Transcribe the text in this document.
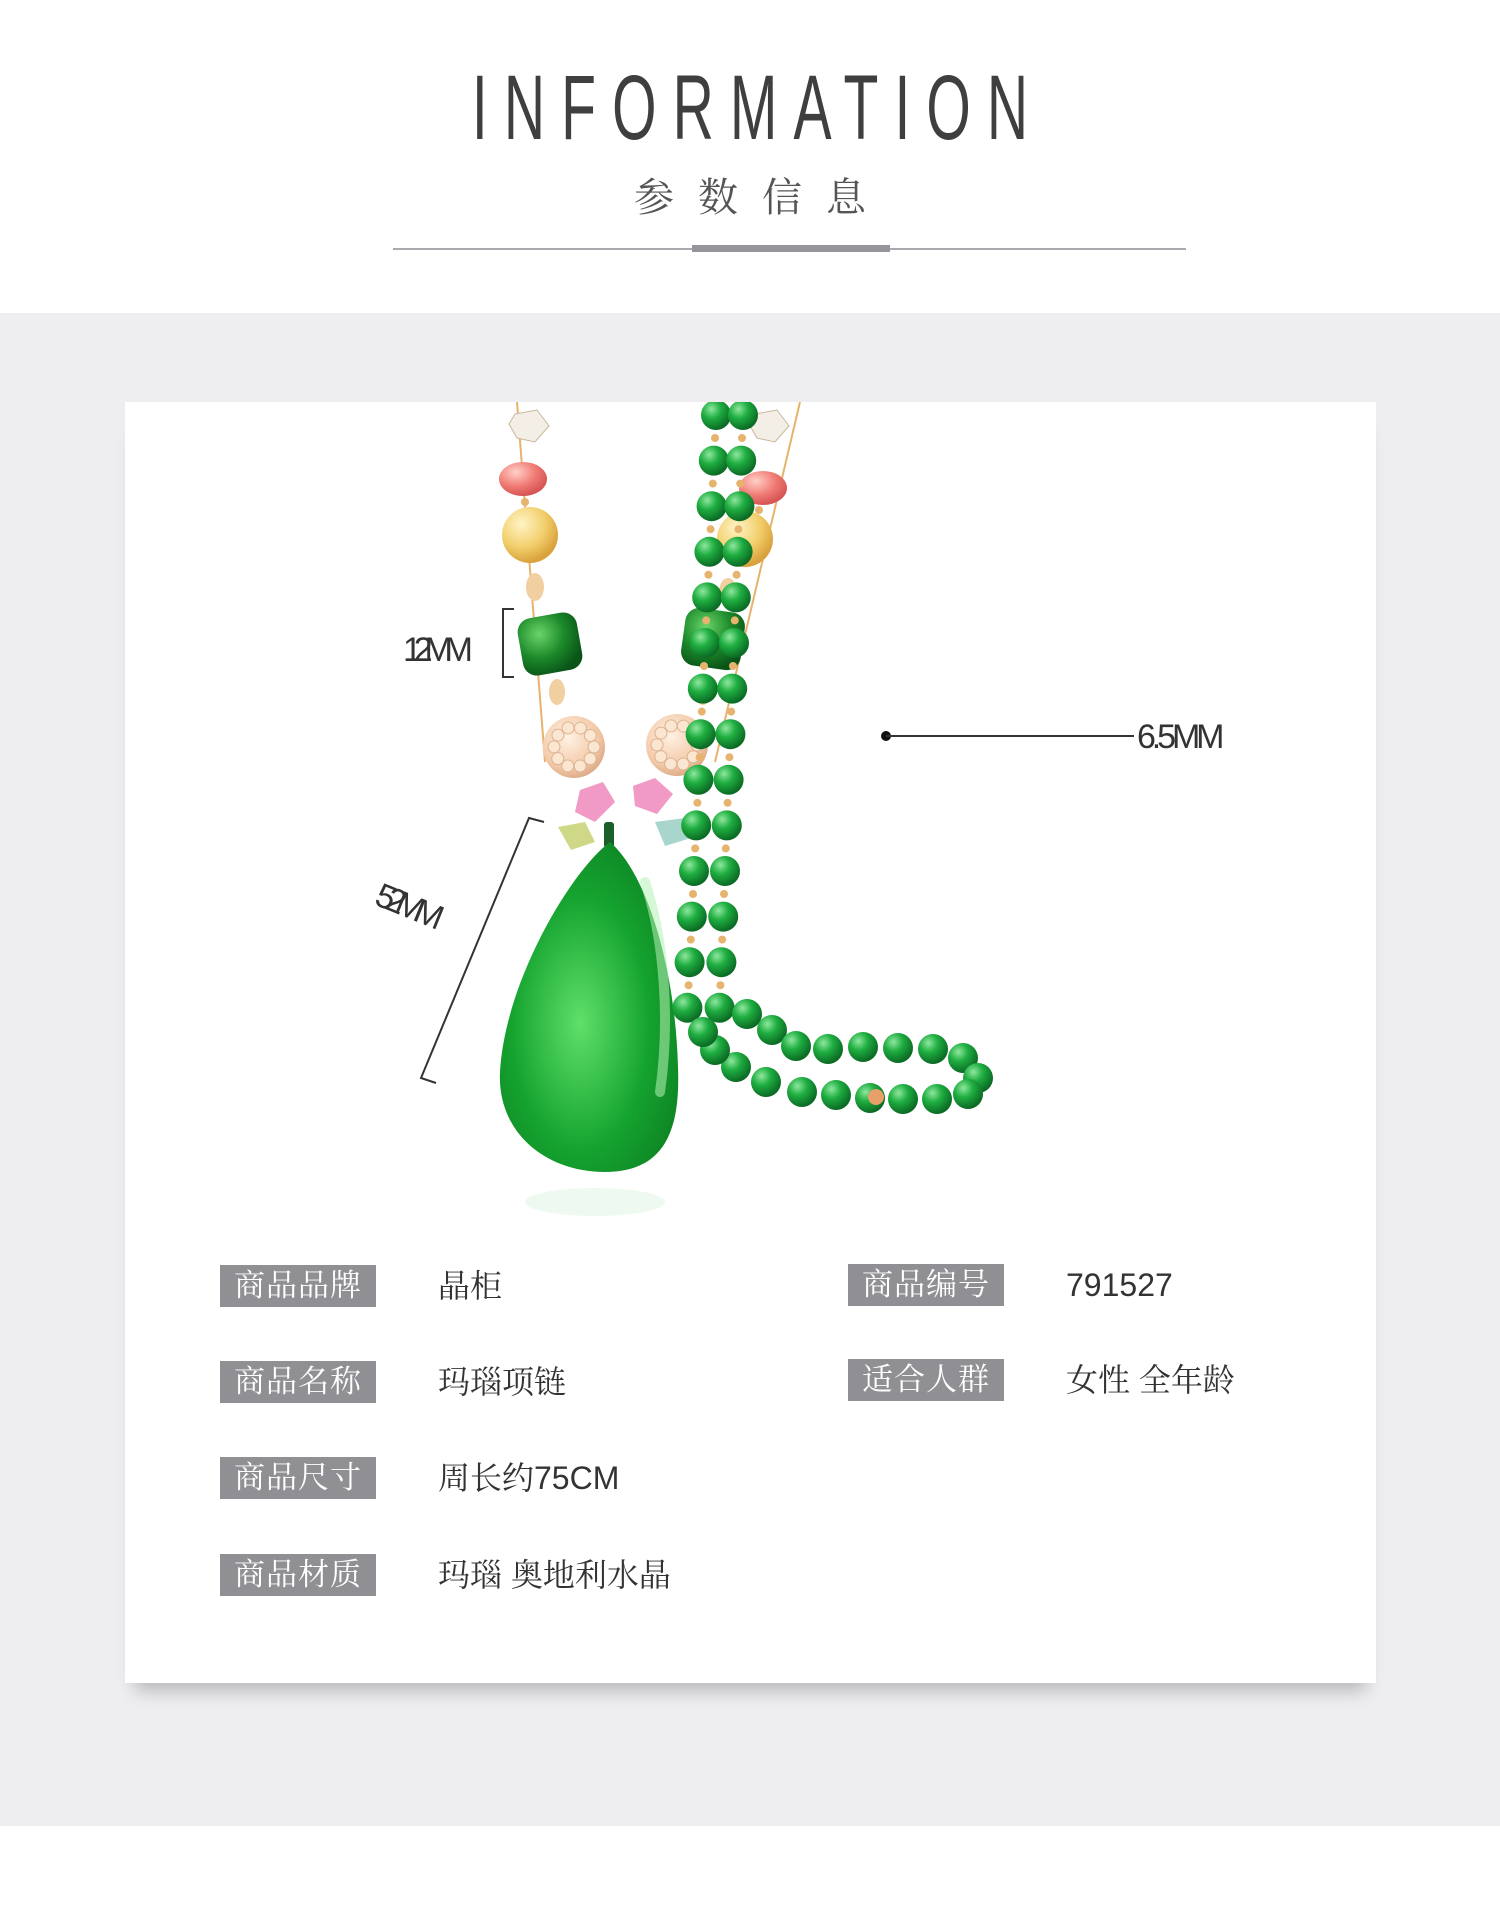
INFORMATION
参数信息
12MM
52MM
6.5MM
商品品牌	晶柜	商品编号	791527
商品名称	玛瑙项链	适合人群	女性 全年龄
商品尺寸	周长约75CM
商品材质	玛瑙 奥地利水晶
